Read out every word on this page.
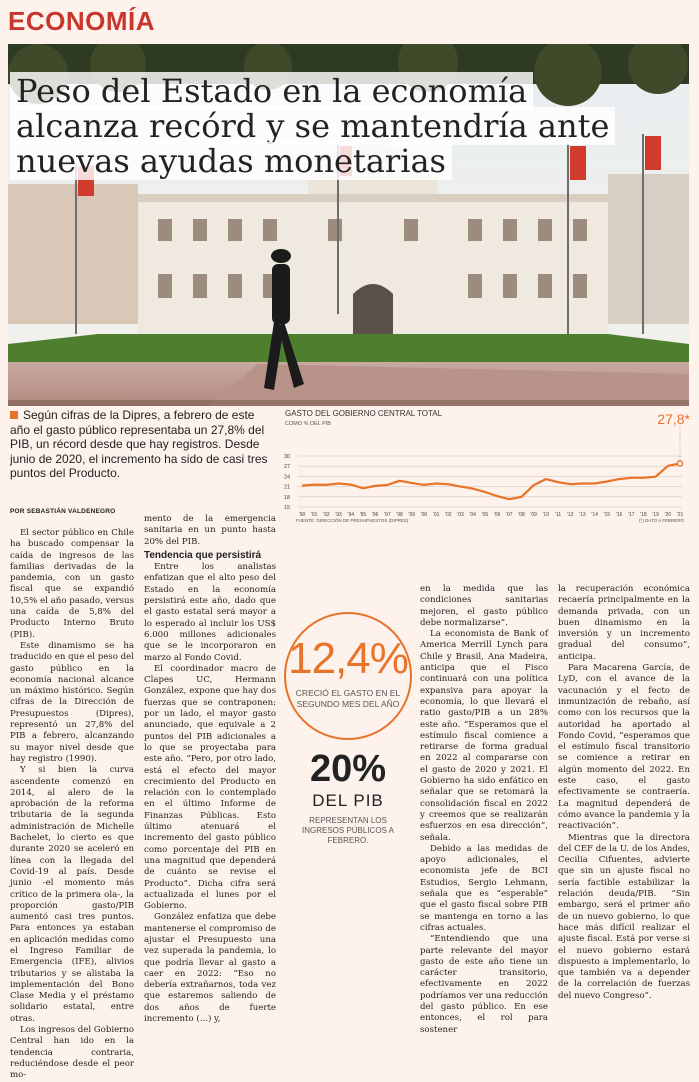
ECONOMÍA
Peso del Estado en la economía alcanza recórd y se mantendría ante nuevas ayudas monetarias
Según cifras de la Dipres, a febrero de este año el gasto público representaba un 27,8% del PIB, un récord desde que hay registros. Desde junio de 2020, el incremento ha sido de casi tres puntos del Producto.
GASTO DEL GOBIERNO CENTRAL TOTAL
COMO % DEL PIB
15
18
21
24
27
30
'90 '91 '92 '93 '94 '95 '96 '97 '98 '99 '00 '01 '02 '03 '04 '05 '06 '07 '08 '09 '10 '11 '12 '13 '14 '15 '16 '17 '18 '19 '20 '21
27,8*
FUENTE: DIRECCIÓN DE PRESUPUESTOS (DIPRES)	(*) DATO A FEBRERO
POR SEBASTIÁN VALDENEGRO

El sector público en Chile ha buscado compensar la caída de ingresos de las familias derivadas de la pandemia, con un gasto fiscal que se expandió 10,5% el año pasado, versus una caída de 5,8% del Producto Interno Bruto (PIB).

Este dinamismo se ha traducido en que el peso del gasto público en la economía nacional alcance un máximo histórico. Según cifras de la Dirección de Presupuestos (Dipres), representó un 27,8% del PIB a febrero, alcanzando su mayor nivel desde que hay registro (1990).

Y si bien la curva ascendente comenzó en 2014, al alero de la aprobación de la reforma tributaria de la segunda administración de Michelle Bachelet, lo cierto es que durante 2020 se aceleró en línea con la llegada del Covid-19 al país. Desde junio -el momento más crítico de la primera ola-, la proporción gasto/PIB aumentó casi tres puntos. Para entonces ya estaban en aplicación medidas como el Ingreso Familiar de Emergencia (IFE), alivios tributarios y se alistaba la implementación del Bono Clase Media y el préstamo solidario estatal, entre otras.

Los ingresos del Gobierno Central han ido en la tendencia contraria, reduciéndose desde el peor mo-

mento de la emergencia sanitaria en un punto hasta 20% del PIB.

Tendencia que persistirá

Entre los analistas enfatizan que el alto peso del Estado en la economía persistirá este año, dado que el gasto estatal será mayor a lo esperado al incluir los US$ 6.000 millones adicionales que se le incorporaron en marzo al Fondo Covid.

El coordinador macro de Clapes UC, Hermann González, expone que hay dos fuerzas que se contraponen: por un lado, el mayor gasto anunciado, que equivale a 2 puntos del PIB adicionales a lo que se proyectaba para este año. “Pero, por otro lado, está el efecto del mayor crecimiento del Producto en relación con lo contemplado en el último Informe de Finanzas Públicas. Esto último atenuará el incremento del gasto público como porcentaje del PIB en una magnitud que dependerá de cuánto se revise el Producto”. Dicha cifra será actualizada el lunes por el Gobierno.

González enfatiza que debe mantenerse el compromiso de ajustar el Presupuesto una vez superada la pandemia, lo que podría llevar al gasto a caer en 2022: “Eso no debería extrañarnos, toda vez que estaremos saliendo de dos años de fuerte incremento (...) y,

12,4%
CRECIÓ EL GASTO EN EL SEGUNDO MES DEL AÑO
20%
DEL PIB
REPRESENTAN LOS INGRESOS PÚBLICOS A FEBRERO.

en la medida que las condiciones sanitarias mejoren, el gasto público debe normalizarse”.

La economista de Bank of America Merrill Lynch para Chile y Brasil, Ana Madeira, anticipa que el Fisco continuará con una política expansiva para apoyar la economía, lo que llevará el ratio gasto/PIB a un 28% este año. “Esperamos que el estímulo fiscal comience a retirarse de forma gradual en 2022 al compararse con el gasto de 2020 y 2021. El Gobierno ha sido enfático en señalar que se retomará la consolidación fiscal en 2022 y creemos que se realizarán esfuerzos en esa dirección”, señala.

Debido a las medidas de apoyo adicionales, el economista jefe de BCI Estudios, Sergio Lehmann, señala que es “esperable” que el gasto fiscal sobre PIB se mantenga en torno a las cifras actuales.

“Entendiendo que una parte relevante del mayor gasto de este año tiene un carácter transitorio, efectivamente en 2022 podríamos ver una reducción del gasto público. En ese entonces, el rol para sostener

la recuperación económica recaería principalmente en la demanda privada, con un buen dinamismo en la inversión y un incremento gradual del consumo”, anticipa.

Para Macarena García, de LyD, con el avance de la vacunación y el fecto de inmunización de rebaño, así como con los recursos que la autoridad ha aportado al Fondo Covid, “esperamos que el estímulo fiscal transitorio se comience a retirar en algún momento del 2022. En este caso, el gasto efectivamente se contraería. La magnitud dependerá de cómo avance la pandemia y la reactivación”.

Mientras que la directora del CEF de la U. de los Andes, Cecilia Cifuentes, advierte que sin un ajuste fiscal no sería factible estabilizar la relación deuda/PIB. “Sin embargo, será el primer año de un nuevo gobierno, lo que hace más difícil realizar el ajuste fiscal. Está por verse si el nuevo gobierno estará dispuesto a implementarlo, lo que también va a depender de la correlación de fuerzas del nuevo Congreso”.
